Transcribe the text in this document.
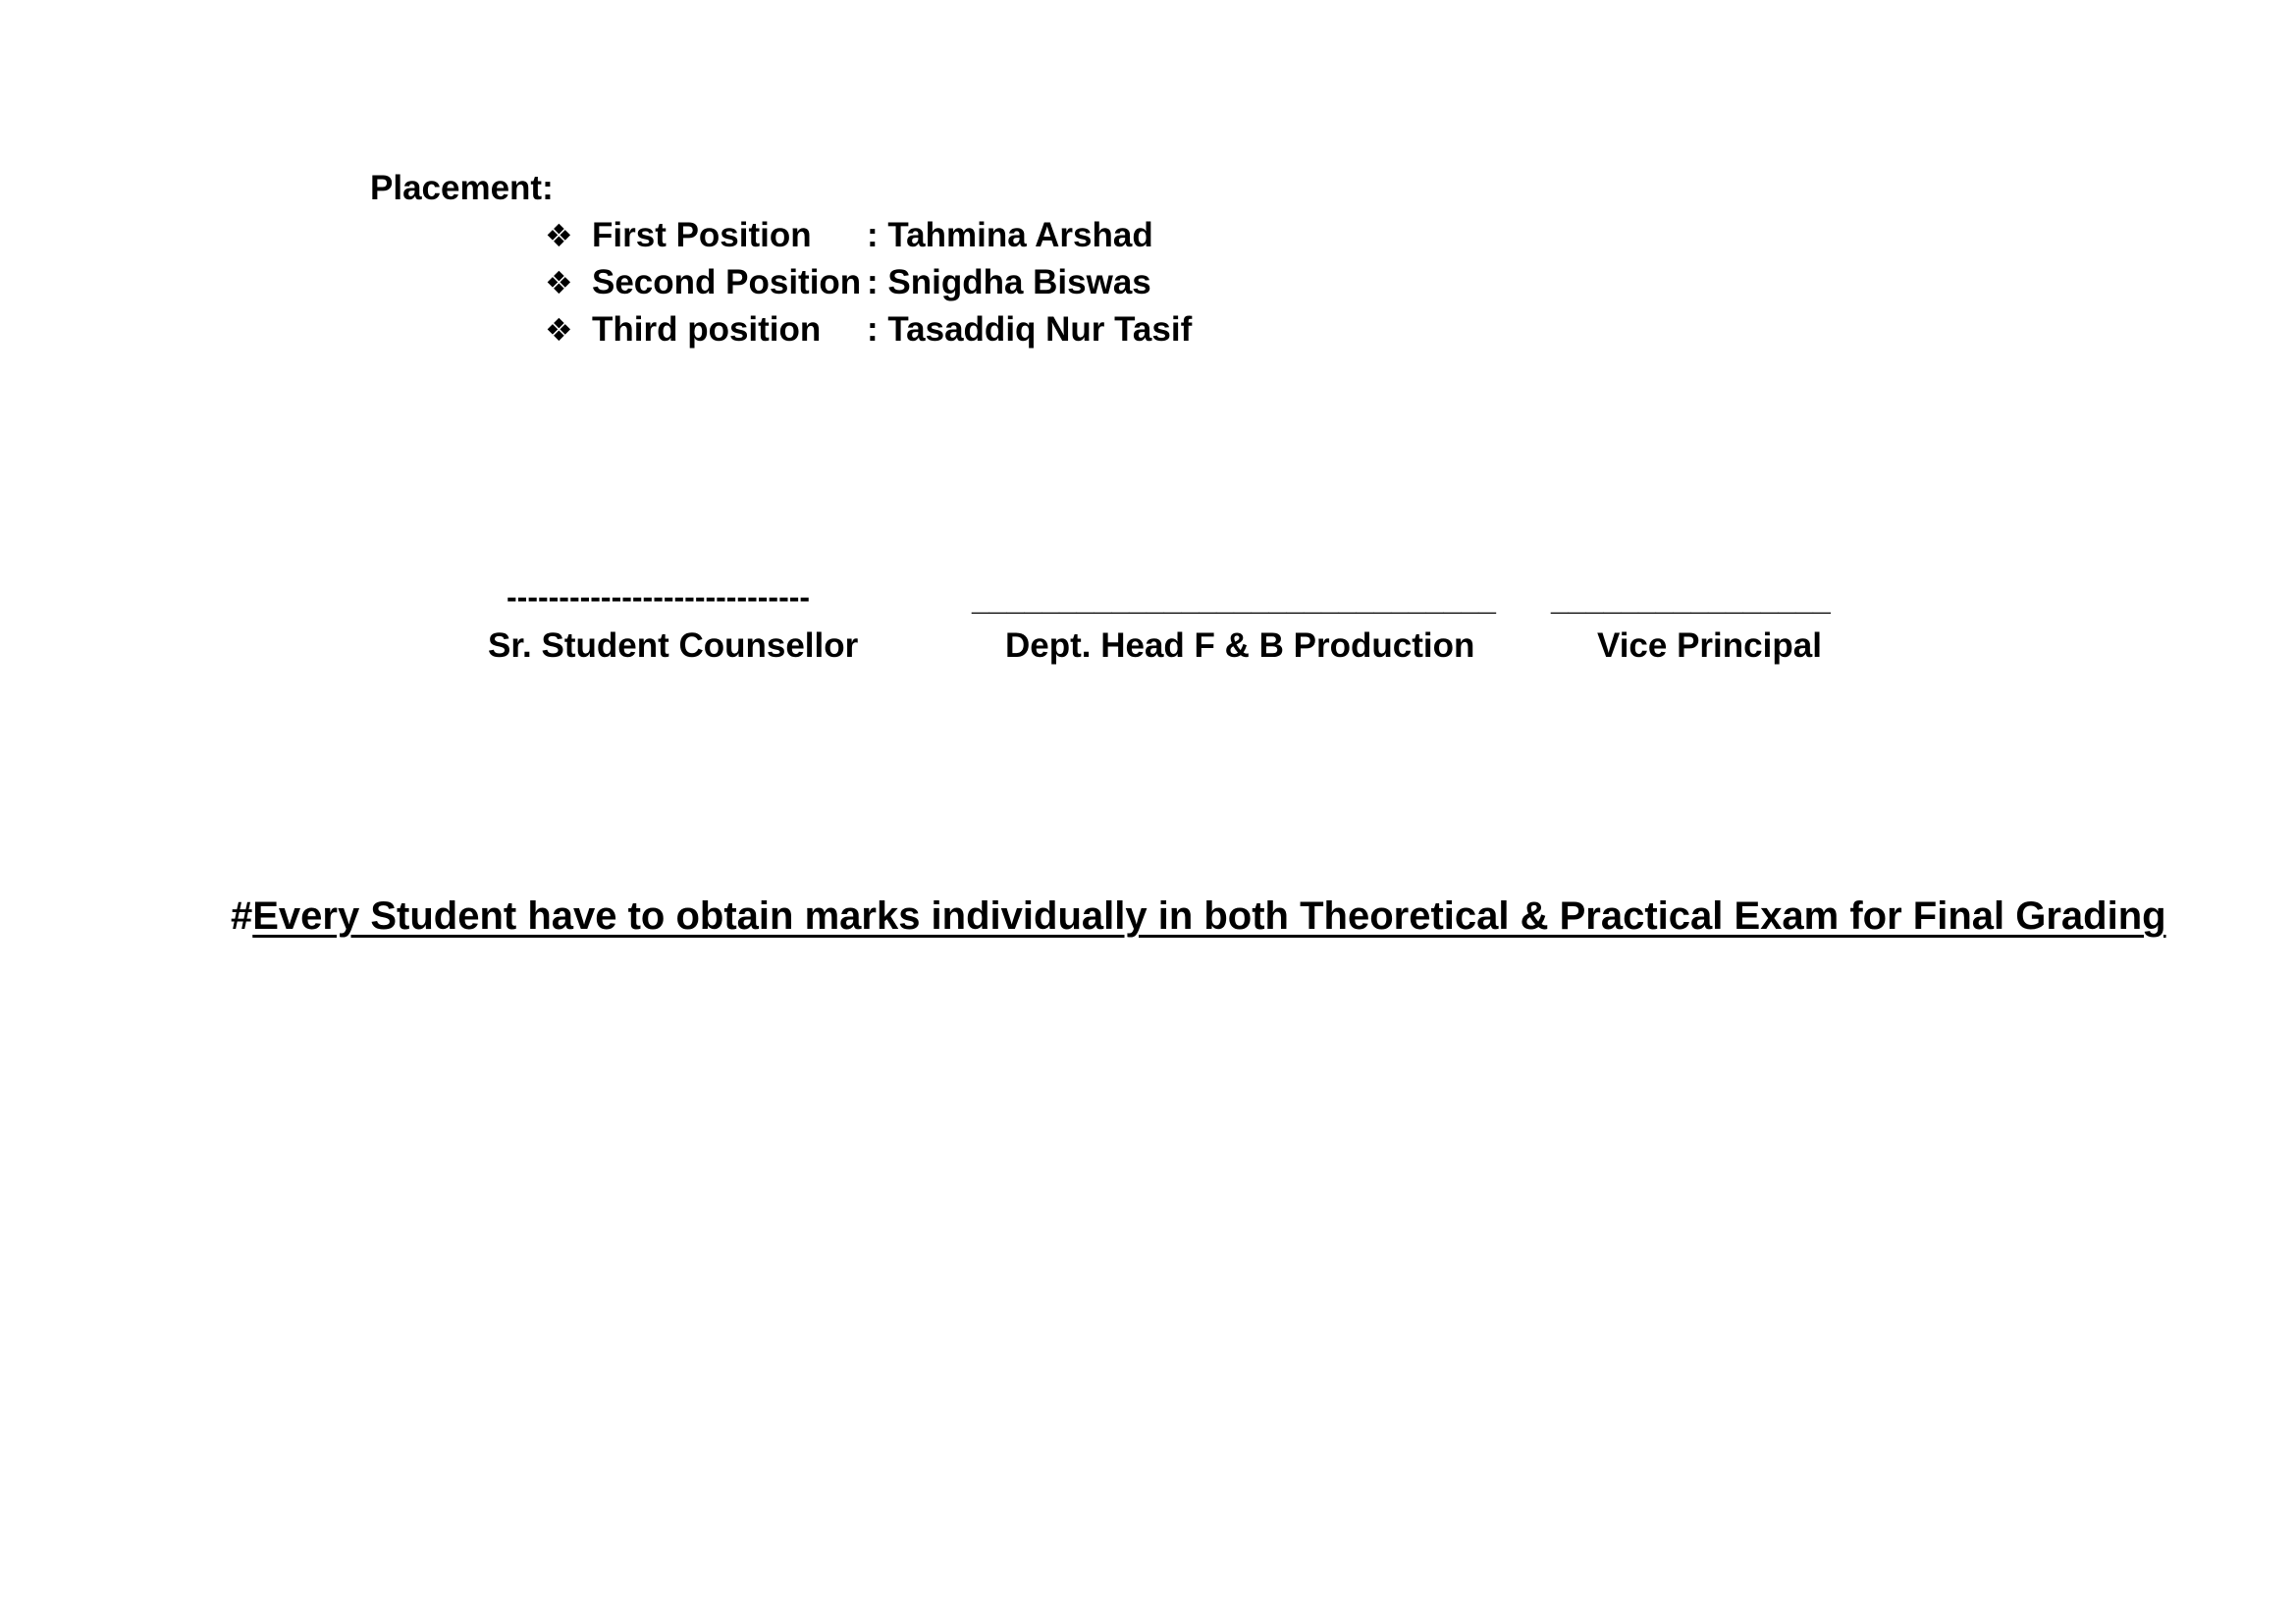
Placement:
❖ First Position	: Tahmina Arshad
❖ Second Position : Snigdha Biswas
❖ Third position	: Tasaddiq Nur Tasif
-----------------------------
Sr. Student Counsellor
______________________________
Dept. Head F & B Production
________________
Vice Principal
#Every Student have to obtain marks individually in both Theoretical & Practical Exam for Final Grading
